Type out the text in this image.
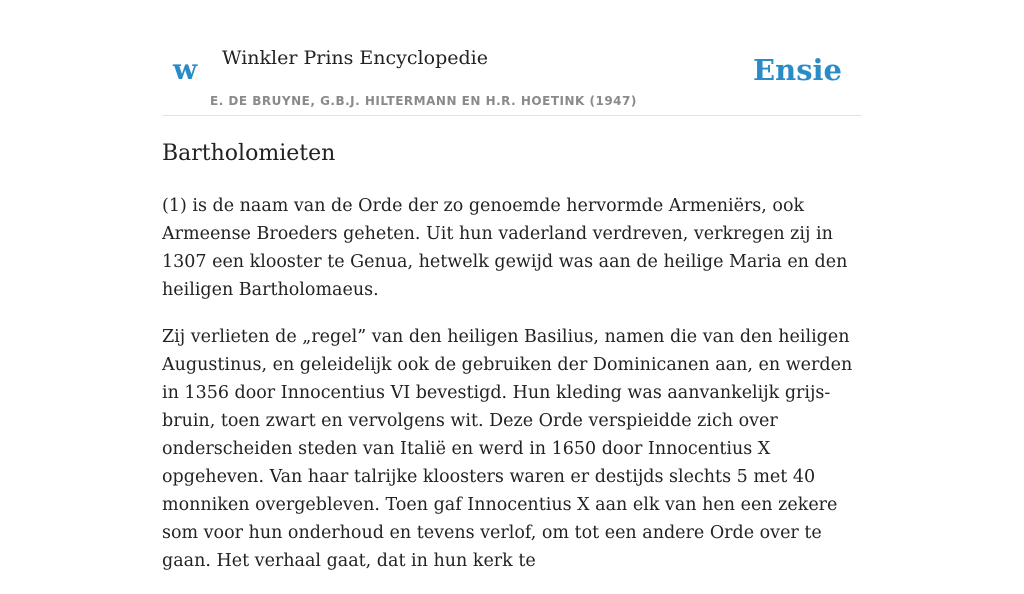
w Winkler Prins Encyclopedie
E. DE BRUYNE, G.B.J. HILTERMANN EN H.R. HOETINK (1947)
Ensie
Bartholomieten

(1) is de naam van de Orde der zo genoemde hervormde Armeniërs, ook Armeense Broeders geheten. Uit hun vaderland verdreven, verkregen zij in 1307 een klooster te Genua, hetwelk gewijd was aan de heilige Maria en den heiligen Bartholomaeus.

Zij verlieten de „regel” van den heiligen Basilius, namen die van den heiligen Augustinus, en geleidelijk ook de gebruiken der Dominicanen aan, en werden in 1356 door Innocentius VI bevestigd. Hun kleding was aanvankelijk grijs-bruin, toen zwart en vervolgens wit. Deze Orde verspieidde zich over onderscheiden steden van Italië en werd in 1650 door Innocentius X opgeheven. Van haar talrijke kloosters waren er destijds slechts 5 met 40 monniken overgebleven. Toen gaf Innocentius X aan elk van hen een zekere som voor hun onderhoud en tevens verlof, om tot een andere Orde over te gaan. Het verhaal gaat, dat in hun kerk te
